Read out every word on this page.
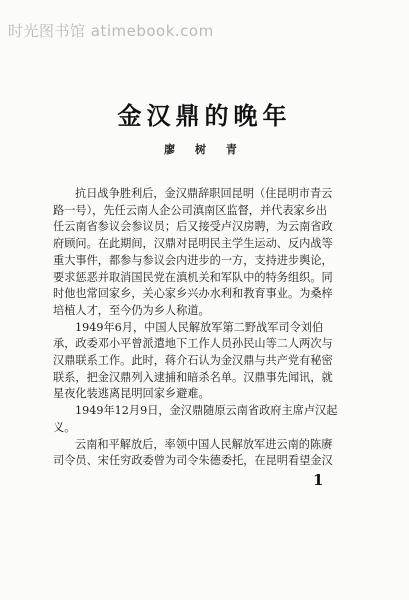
时光图书馆 atimebook.com
金汉鼎的晚年
廖 树 青

抗日战争胜利后，金汉鼎辞职回昆明（住昆明市青云
路一号），先任云南人企公司滇南区监督，并代表家乡出
任云南省参议会参议员；后又接受卢汉房聘，为云南省政
府顾问。在此期间，汉鼎对昆明民主学生运动、反内战等
重大事件，都参与参议会内进步的一方，支持进步舆论，
要求惩恶并取消国民党在滇机关和军队中的特务组织。同
时他也常回家乡，关心家乡兴办水利和教育事业。为桑梓
培植人才，至今仍为乡人称道。

1949年6月，中国人民解放军第二野战军司令刘伯
承，政委邓小平曾派遣地下工作人员孙民山等二人两次与
汉鼎联系工作。此时，蒋介石认为金汉鼎与共产党有秘密
联系，把金汉鼎列入逮捕和暗杀名单。汉鼎事先闻讯，就
星夜化装逃离昆明回家乡避难。

1949年12月9日，金汉鼎随原云南省政府主席卢汉起
义。

云南和平解放后，率领中国人民解放军进云南的陈赓
司令员、宋任穷政委曾为司令朱德委托，在昆明看望金汉

1
